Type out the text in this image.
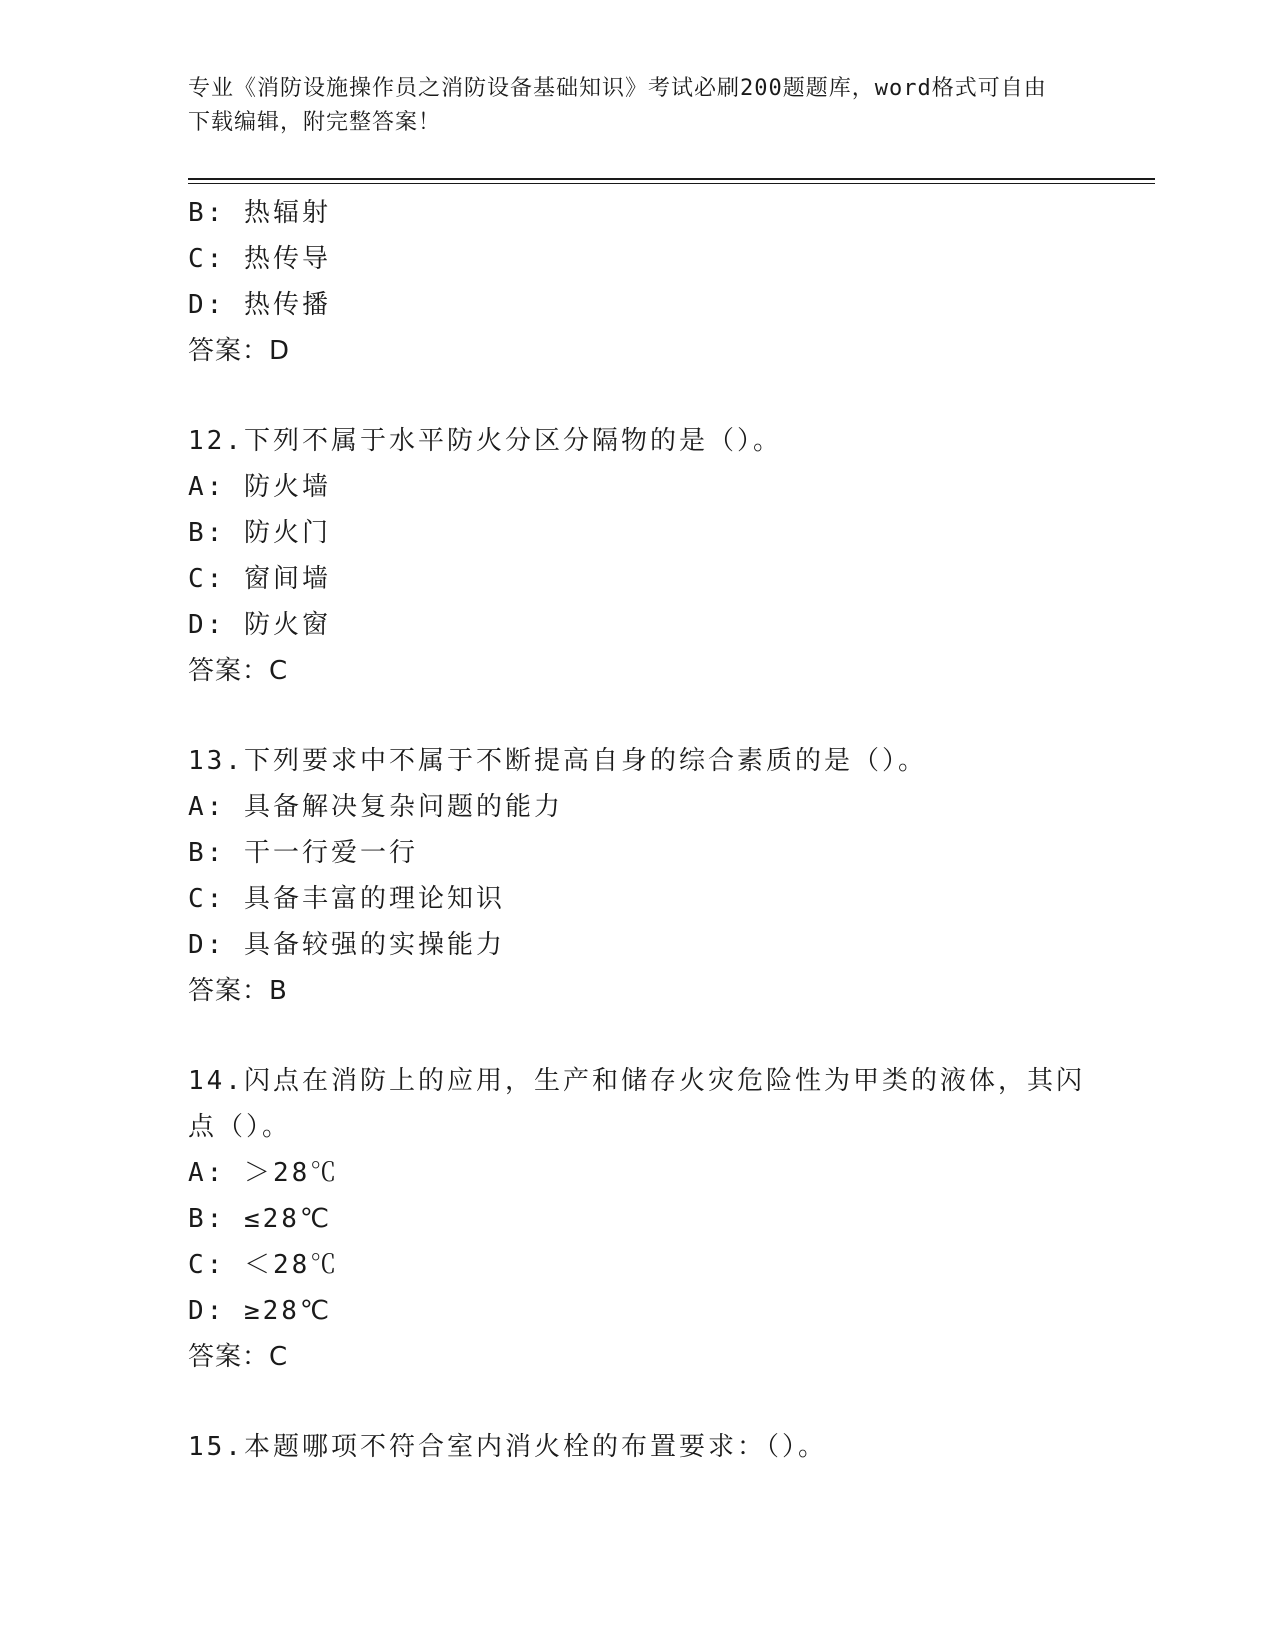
专业《消防设施操作员之消防设备基础知识》考试必刷200题题库，word格式可自由下载编辑，附完整答案！
B: 热辐射
C: 热传导
D: 热传播
答案：D
12.下列不属于水平防火分区分隔物的是（）。
A: 防火墙
B: 防火门
C: 窗间墙
D: 防火窗
答案：C
13.下列要求中不属于不断提高自身的综合素质的是（）。
A: 具备解决复杂问题的能力
B: 干一行爱一行
C: 具备丰富的理论知识
D: 具备较强的实操能力
答案：B
14.闪点在消防上的应用，生产和储存火灾危险性为甲类的液体，其闪
点（）。
A: ＞28℃
B: ≤28℃
C: ＜28℃
D: ≥28℃
答案：C
15.本题哪项不符合室内消火栓的布置要求：（）。
